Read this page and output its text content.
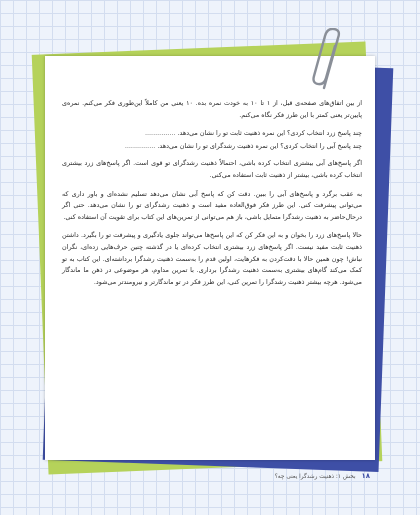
از بین اتفاق‌های صفحه‌ی قبل، از ۱ تا ۱۰ به خودت نمره بده. ۱۰ یعنی من کاملاً این‌طوری فکر می‌کنم. نمره‌ی پایین‌تر یعنی کمتر با این طرز فکر نگاه می‌کنم.

چند پاسخ زرد انتخاب کردی؟ این نمره ذهنیت ثابت تو را نشان می‌دهد. ...............
چند پاسخ آبی را انتخاب کردی؟ این نمره ذهنیت رشدگرای تو را نشان می‌دهد. ...............

اگر پاسخ‌های آبی بیشتری انتخاب کرده باشی، احتمالاً ذهنیت رشدگرای تو قوی است. اگر پاسخ‌های زرد بیشتری انتخاب کرده باشی، بیشتر از ذهنیت ثابت استفاده می‌کنی.

به عقب برگرد و پاسخ‌های آبی را ببین. دقت کن که پاسخ آبی نشان می‌دهد تسلیم نشده‌ای و باور داری که می‌توانی پیشرفت کنی. این طرز فکر فوق‌العاده مفید است و ذهنیت رشدگرای تو را نشان می‌دهد. حتی اگر درحال‌حاضر به ذهنیت رشدگرا متمایل باشی، باز هم می‌توانی از تمرین‌های این کتاب برای تقویت آن استفاده کنی.

حالا پاسخ‌های زرد را بخوان و به این فکر کن که این پاسخ‌ها می‌تواند جلوی یادگیری و پیشرفت تو را بگیرد. داشتن ذهنیت ثابت مفید نیست. اگر پاسخ‌های زرد بیشتری انتخاب کرده‌ای یا در گذشته چنین حرف‌هایی زده‌ای، نگران نباش! چون همین حالا با دقت‌کردن به فکرهایت، اولین قدم را به‌سمت ذهنیت رشدگرا برداشته‌ای. این کتاب به تو کمک می‌کند گام‌های بیشتری به‌سمت ذهنیت رشدگرا برداری. با تمرین مداوم، هر موضوعی در ذهن ما ماندگار می‌شود. هرچه بیشتر ذهنیت رشدگرا را تمرین کنی، این طرز فکر در تو ماندگارتر و نیرومندتر می‌شود.

۱۸ بخش ۱: ذهنیت رشدگرا یعنی چه؟
